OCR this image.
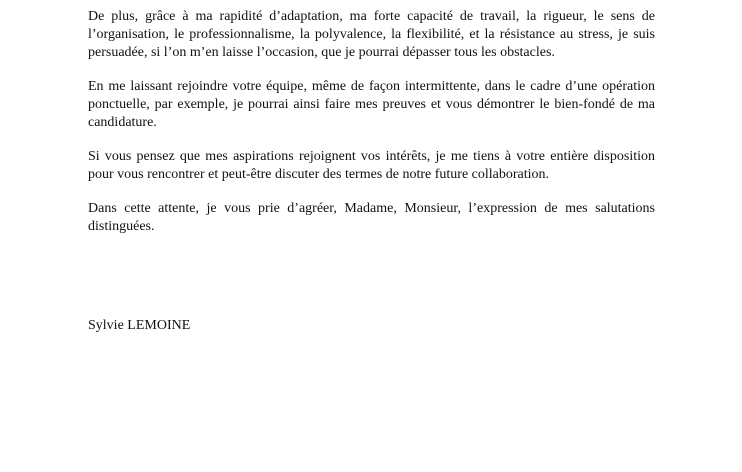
De plus, grâce à ma rapidité d’adaptation, ma forte capacité de travail, la rigueur, le sens de l’organisation, le professionnalisme, la polyvalence, la flexibilité, et la résistance au stress, je suis persuadée, si l’on m’en laisse l’occasion, que je pourrai dépasser tous les obstacles.

En me laissant rejoindre votre équipe, même de façon intermittente, dans le cadre d’une opération ponctuelle, par exemple, je pourrai ainsi faire mes preuves et vous démontrer le bien-fondé de ma candidature.

Si vous pensez que mes aspirations rejoignent vos intérêts, je me tiens à votre entière disposition pour vous rencontrer et peut-être discuter des termes de notre future collaboration.

Dans cette attente, je vous prie d’agréer, Madame, Monsieur, l’expression de mes salutations distinguées.

Sylvie LEMOINE
